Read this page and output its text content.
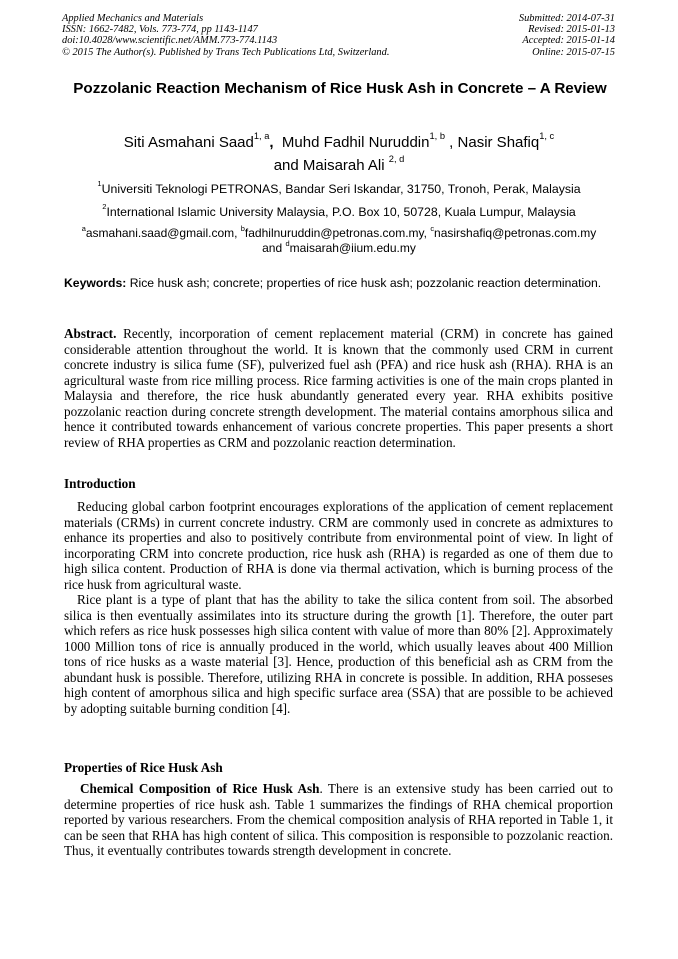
Applied Mechanics and Materials
ISSN: 1662-7482, Vols. 773-774, pp 1143-1147
doi:10.4028/www.scientific.net/AMM.773-774.1143
© 2015 The Author(s). Published by Trans Tech Publications Ltd, Switzerland.
Submitted: 2014-07-31
Revised: 2015-01-13
Accepted: 2015-01-14
Online: 2015-07-15
Pozzolanic Reaction Mechanism of Rice Husk Ash in Concrete – A Review
Siti Asmahani Saad$^{1, a}$, Muhd Fadhil Nuruddin$^{1, b}$ , Nasir Shafiq$^{1, c}$
and Maisarah Ali $^{2, d}$
$^1$Universiti Teknologi PETRONAS, Bandar Seri Iskandar, 31750, Tronoh, Perak, Malaysia
$^2$International Islamic University Malaysia, P.O. Box 10, 50728, Kuala Lumpur, Malaysia
$^a$asmahani.saad@gmail.com, $^b$fadhilnuruddin@petronas.com.my, $^c$nasirshafiq@petronas.com.my
and $^d$maisarah@iium.edu.my
Keywords: Rice husk ash; concrete; properties of rice husk ash; pozzolanic reaction determination.

Abstract. Recently, incorporation of cement replacement material (CRM) in concrete has gained considerable attention throughout the world. It is known that the commonly used CRM in current concrete industry is silica fume (SF), pulverized fuel ash (PFA) and rice husk ash (RHA). RHA is an agricultural waste from rice milling process. Rice farming activities is one of the main crops planted in Malaysia and therefore, the rice husk abundantly generated every year. RHA exhibits positive pozzolanic reaction during concrete strength development. The material contains amorphous silica and hence it contributed towards enhancement of various concrete properties. This paper presents a short review of RHA properties as CRM and pozzolanic reaction determination.

Introduction

Reducing global carbon footprint encourages explorations of the application of cement replacement materials (CRMs) in current concrete industry. CRM are commonly used in concrete as admixtures to enhance its properties and also to positively contribute from environmental point of view. In light of incorporating CRM into concrete production, rice husk ash (RHA) is regarded as one of them due to high silica content. Production of RHA is done via thermal activation, which is burning process of the rice husk from agricultural waste.

Rice plant is a type of plant that has the ability to take the silica content from soil. The absorbed silica is then eventually assimilates into its structure during the growth [1]. Therefore, the outer part which refers as rice husk possesses high silica content with value of more than 80% [2]. Approximately 1000 Million tons of rice is annually produced in the world, which usually leaves about 400 Million tons of rice husks as a waste material [3]. Hence, production of this beneficial ash as CRM from the abundant husk is possible. Therefore, utilizing RHA in concrete is possible. In addition, RHA posseses high content of amorphous silica and high specific surface area (SSA) that are possible to be achieved by adopting suitable burning condition [4].

Properties of Rice Husk Ash

Chemical Composition of Rice Husk Ash. There is an extensive study has been carried out to determine properties of rice husk ash. Table 1 summarizes the findings of RHA chemical proportion reported by various researchers. From the chemical composition analysis of RHA reported in Table 1, it can be seen that RHA has high content of silica. This composition is responsible to pozzolanic reaction. Thus, it eventually contributes towards strength development in concrete.
